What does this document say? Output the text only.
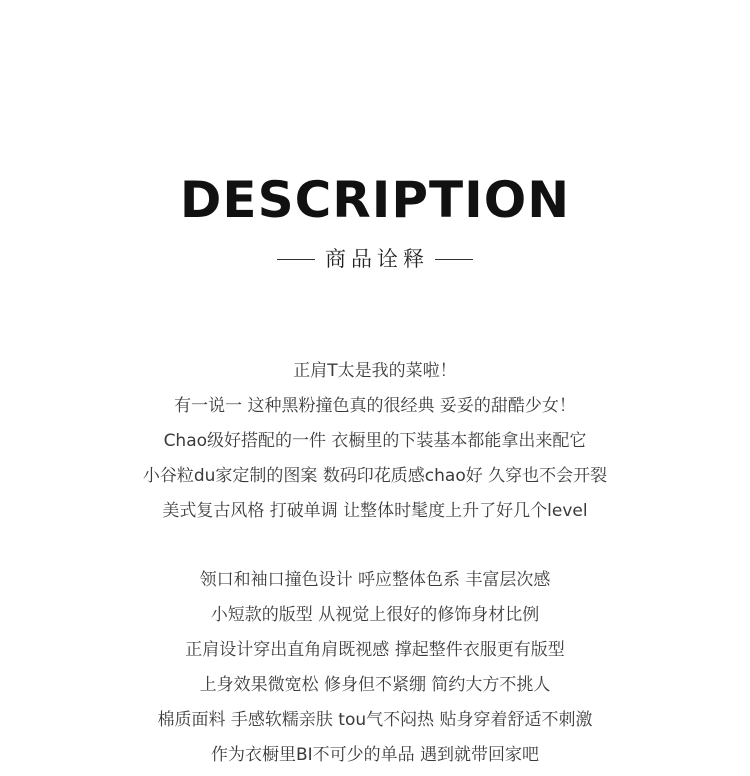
DESCRIPTION
商品诠释
正肩T太是我的菜啦！
有一说一 这种黑粉撞色真的很经典 妥妥的甜酷少女！
Chao级好搭配的一件 衣橱里的下装基本都能拿出来配它
小谷粒du家定制的图案 数码印花质感chao好 久穿也不会开裂
美式复古风格 打破单调 让整体时髦度上升了好几个level
领口和袖口撞色设计 呼应整体色系 丰富层次感
小短款的版型 从视觉上很好的修饰身材比例
正肩设计穿出直角肩既视感 撑起整件衣服更有版型
上身效果微宽松 修身但不紧绷 简约大方不挑人
棉质面料 手感软糯亲肤 tou气不闷热 贴身穿着舒适不刺激
作为衣橱里BI不可少的单品 遇到就带回家吧
